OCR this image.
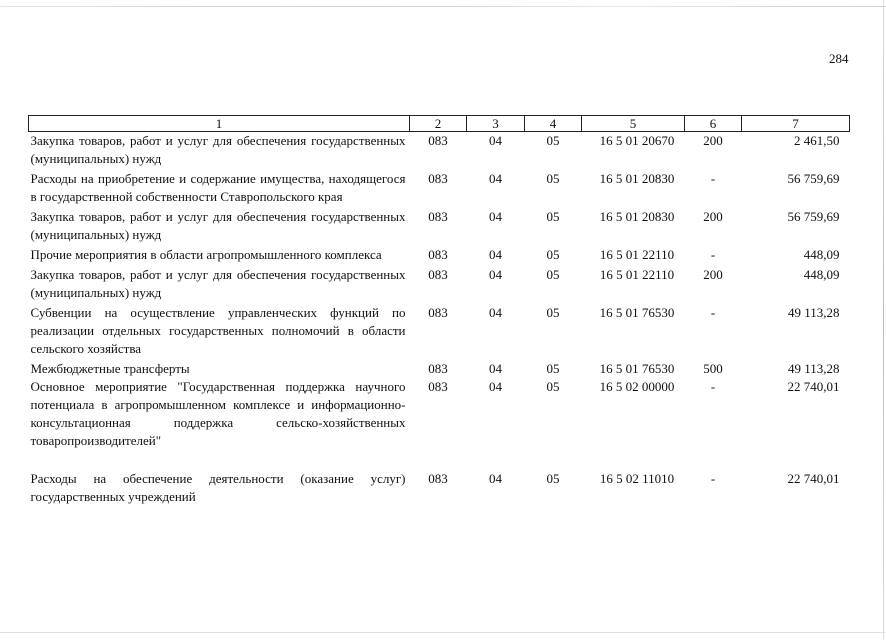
284
1	2	3	4	5	6	7
Закупка товаров, работ и услуг для обеспечения государственных (муниципальных) нужд	083	04	05	16 5 01 20670	200	2 461,50
Расходы на приобретение и содержание имущества, находящегося в государственной собственности Ставропольского края	083	04	05	16 5 01 20830	-	56 759,69
Закупка товаров, работ и услуг для обеспечения государственных (муниципальных) нужд	083	04	05	16 5 01 20830	200	56 759,69
Прочие мероприятия в области агропромышленного комплекса	083	04	05	16 5 01 22110	-	448,09
Закупка товаров, работ и услуг для обеспечения государственных (муниципальных) нужд	083	04	05	16 5 01 22110	200	448,09
Субвенции на осуществление управленческих функций по реализации отдельных государственных полномочий в области сельского хозяйства	083	04	05	16 5 01 76530	-	49 113,28
Межбюджетные трансферты	083	04	05	16 5 01 76530	500	49 113,28
Основное мероприятие "Государственная поддержка научного потенциала в агропромышленном комплексе и информационно-консультационная поддержка сельско-хозяйственных товаропроизводителей"	083	04	05	16 5 02 00000	-	22 740,01
Расходы на обеспечение деятельности (оказание услуг) государственных учреждений	083	04	05	16 5 02 11010	-	22 740,01
